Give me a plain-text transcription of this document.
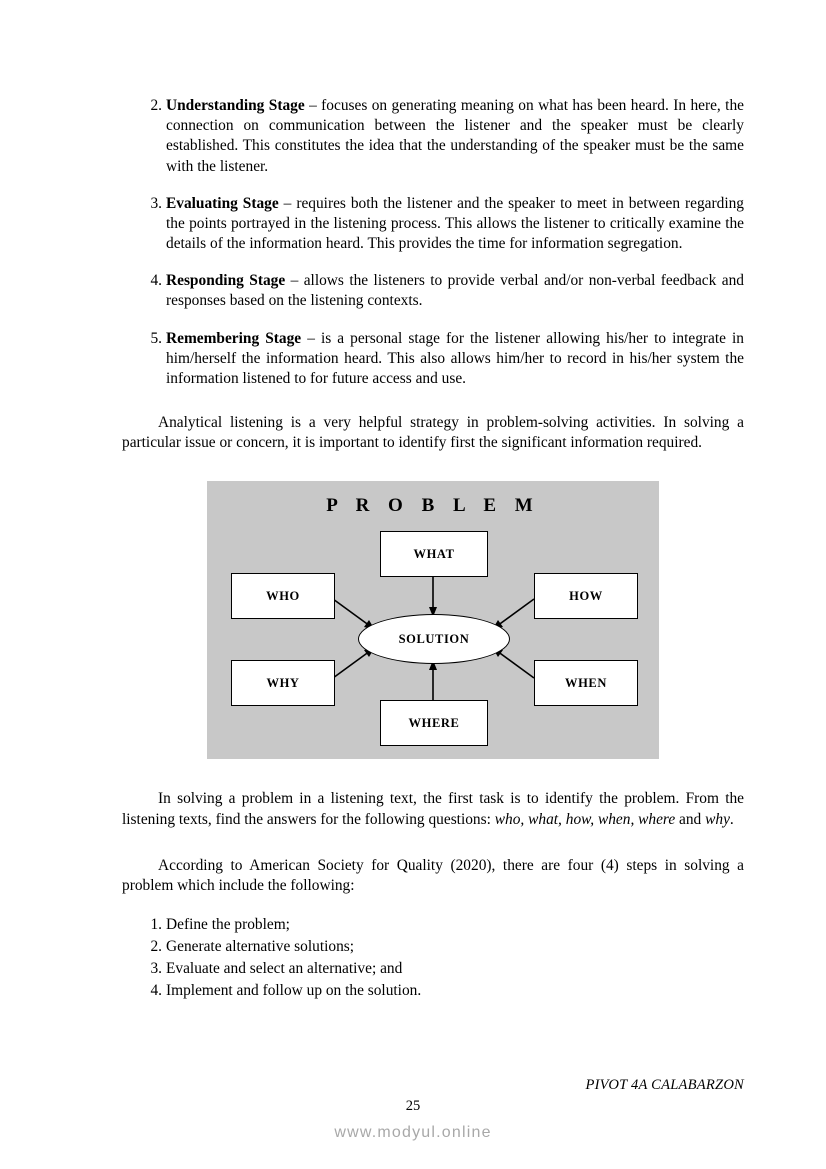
2. Understanding Stage – focuses on generating meaning on what has been heard. In here, the connection on communication between the listener and the speaker must be clearly established. This constitutes the idea that the understanding of the speaker must be the same with the listener.
3. Evaluating Stage – requires both the listener and the speaker to meet in between regarding the points portrayed in the listening process. This allows the listener to critically examine the details of the information heard. This provides the time for information segregation.
4. Responding Stage – allows the listeners to provide verbal and/or non-verbal feedback and responses based on the listening contexts.
5. Remembering Stage – is a personal stage for the listener allowing his/her to integrate in him/herself the information heard. This also allows him/her to record in his/her system the information listened to for future access and use.

Analytical listening is a very helpful strategy in problem-solving activities. In solving a particular issue or concern, it is important to identify first the significant information required.

P R O B L E M
WHAT
WHO	HOW
WHY	WHEN
WHERE
SOLUTION

In solving a problem in a listening text, the first task is to identify the problem. From the listening texts, find the answers for the following questions: who, what, how, when, where and why.

According to American Society for Quality (2020), there are four (4) steps in solving a problem which include the following:

1. Define the problem;
2. Generate alternative solutions;
3. Evaluate and select an alternative; and
4. Implement and follow up on the solution.
PIVOT 4A CALABARZON
25
www.modyul.online
